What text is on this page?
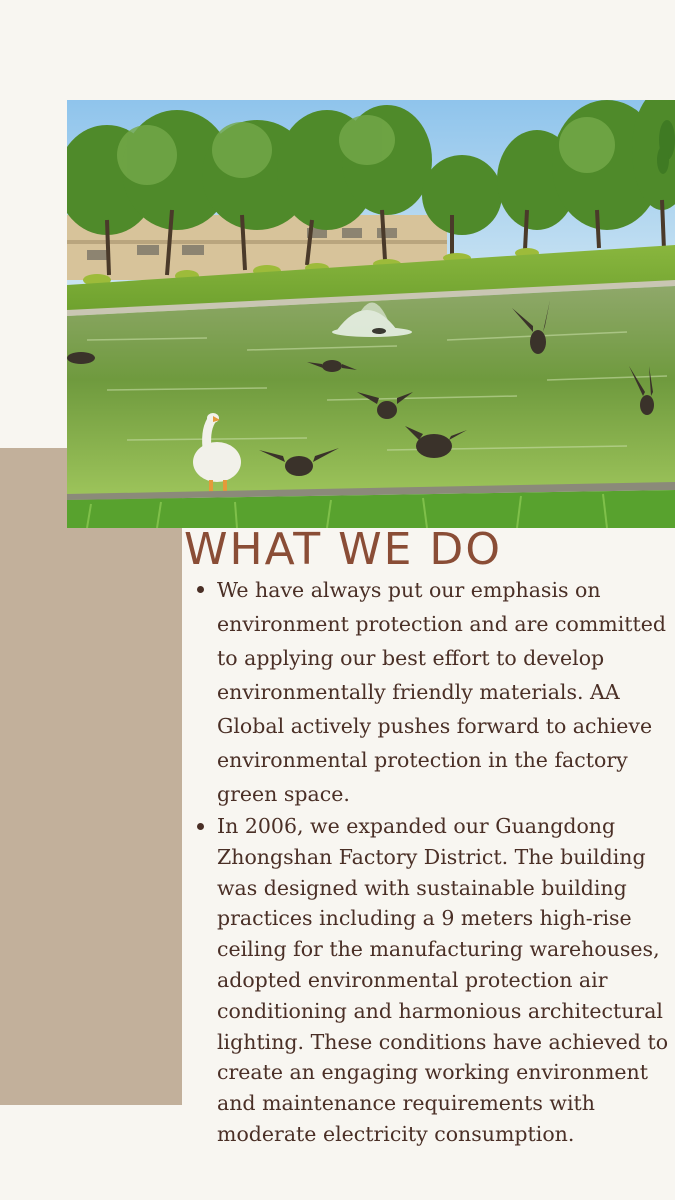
WHAT WE DO
We have always put our emphasis on environment protection and are committed to applying our best effort to develop environmentally friendly materials. AA Global actively pushes forward to achieve environmental protection in the factory green space.
In 2006, we expanded our Guangdong Zhongshan Factory District. The building was designed with sustainable building practices including a 9 meters high-rise ceiling for the manufacturing warehouses, adopted environmental protection air conditioning and harmonious architectural lighting. These conditions have achieved to create an engaging working environment and maintenance requirements with moderate electricity consumption.
